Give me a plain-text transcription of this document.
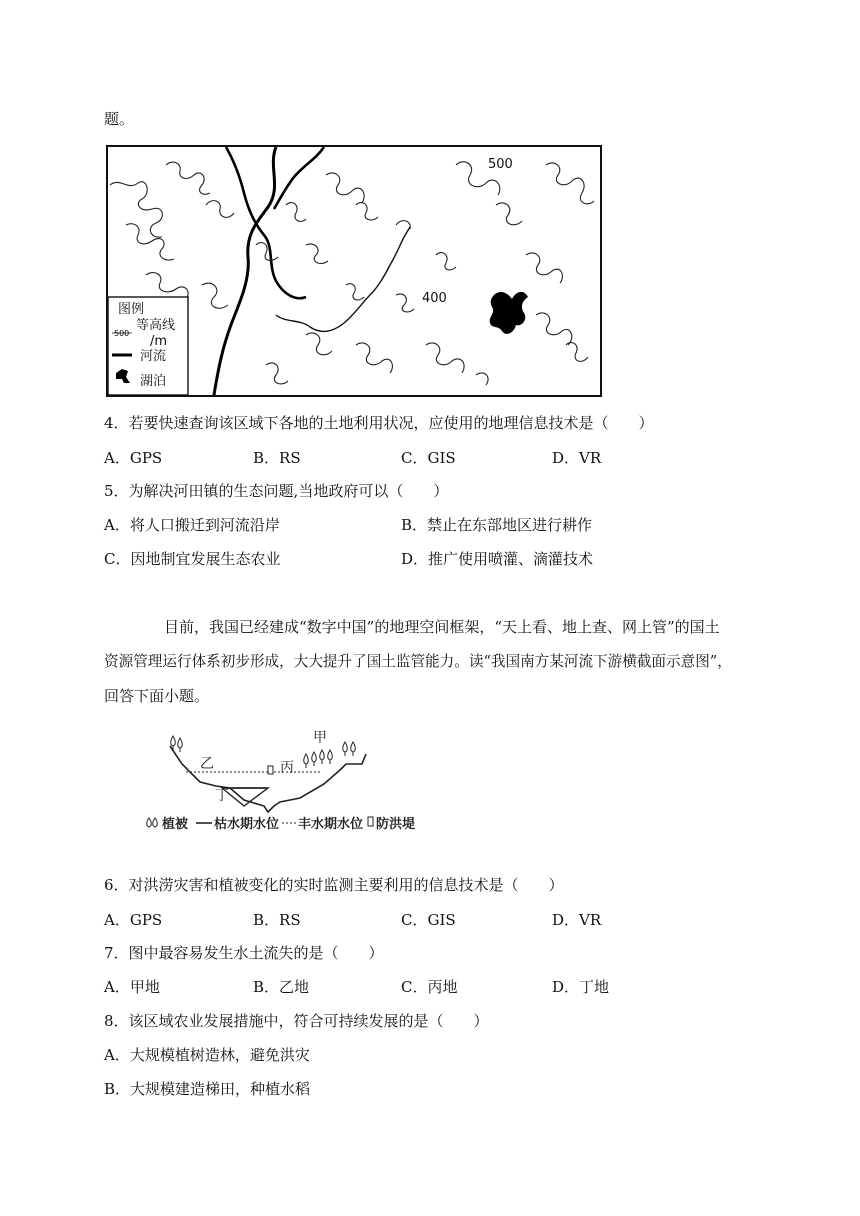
题。
500
400
图例
500
等高线
/m
河流
湖泊
4．若要快速查询该区域下各地的土地利用状况，应使用的地理信息技术是（　　）
A．GPS	B．RS	C．GIS	D．VR
5．为解决河田镇的生态问题,当地政府可以（　　）
A．将人口搬迁到河流沿岸	B．禁止在东部地区进行耕作
C．因地制宜发展生态农业	D．推广使用喷灌、滴灌技术
目前，我国已经建成“数字中国”的地理空间框架，“天上看、地上查、网上管”的国土
资源管理运行体系初步形成，大大提升了国土监管能力。读“我国南方某河流下游横截面示意图”，
回答下面小题。
甲
乙	丙
丁
植被 枯水期水位 丰水期水位 防洪堤
6．对洪涝灾害和植被变化的实时监测主要利用的信息技术是（　　）
A．GPS	B．RS	C．GIS	D．VR
7．图中最容易发生水土流失的是（　　）
A．甲地	B．乙地	C．丙地	D．丁地
8．该区域农业发展措施中，符合可持续发展的是（　　）
A．大规模植树造林，避免洪灾
B．大规模建造梯田，种植水稻
